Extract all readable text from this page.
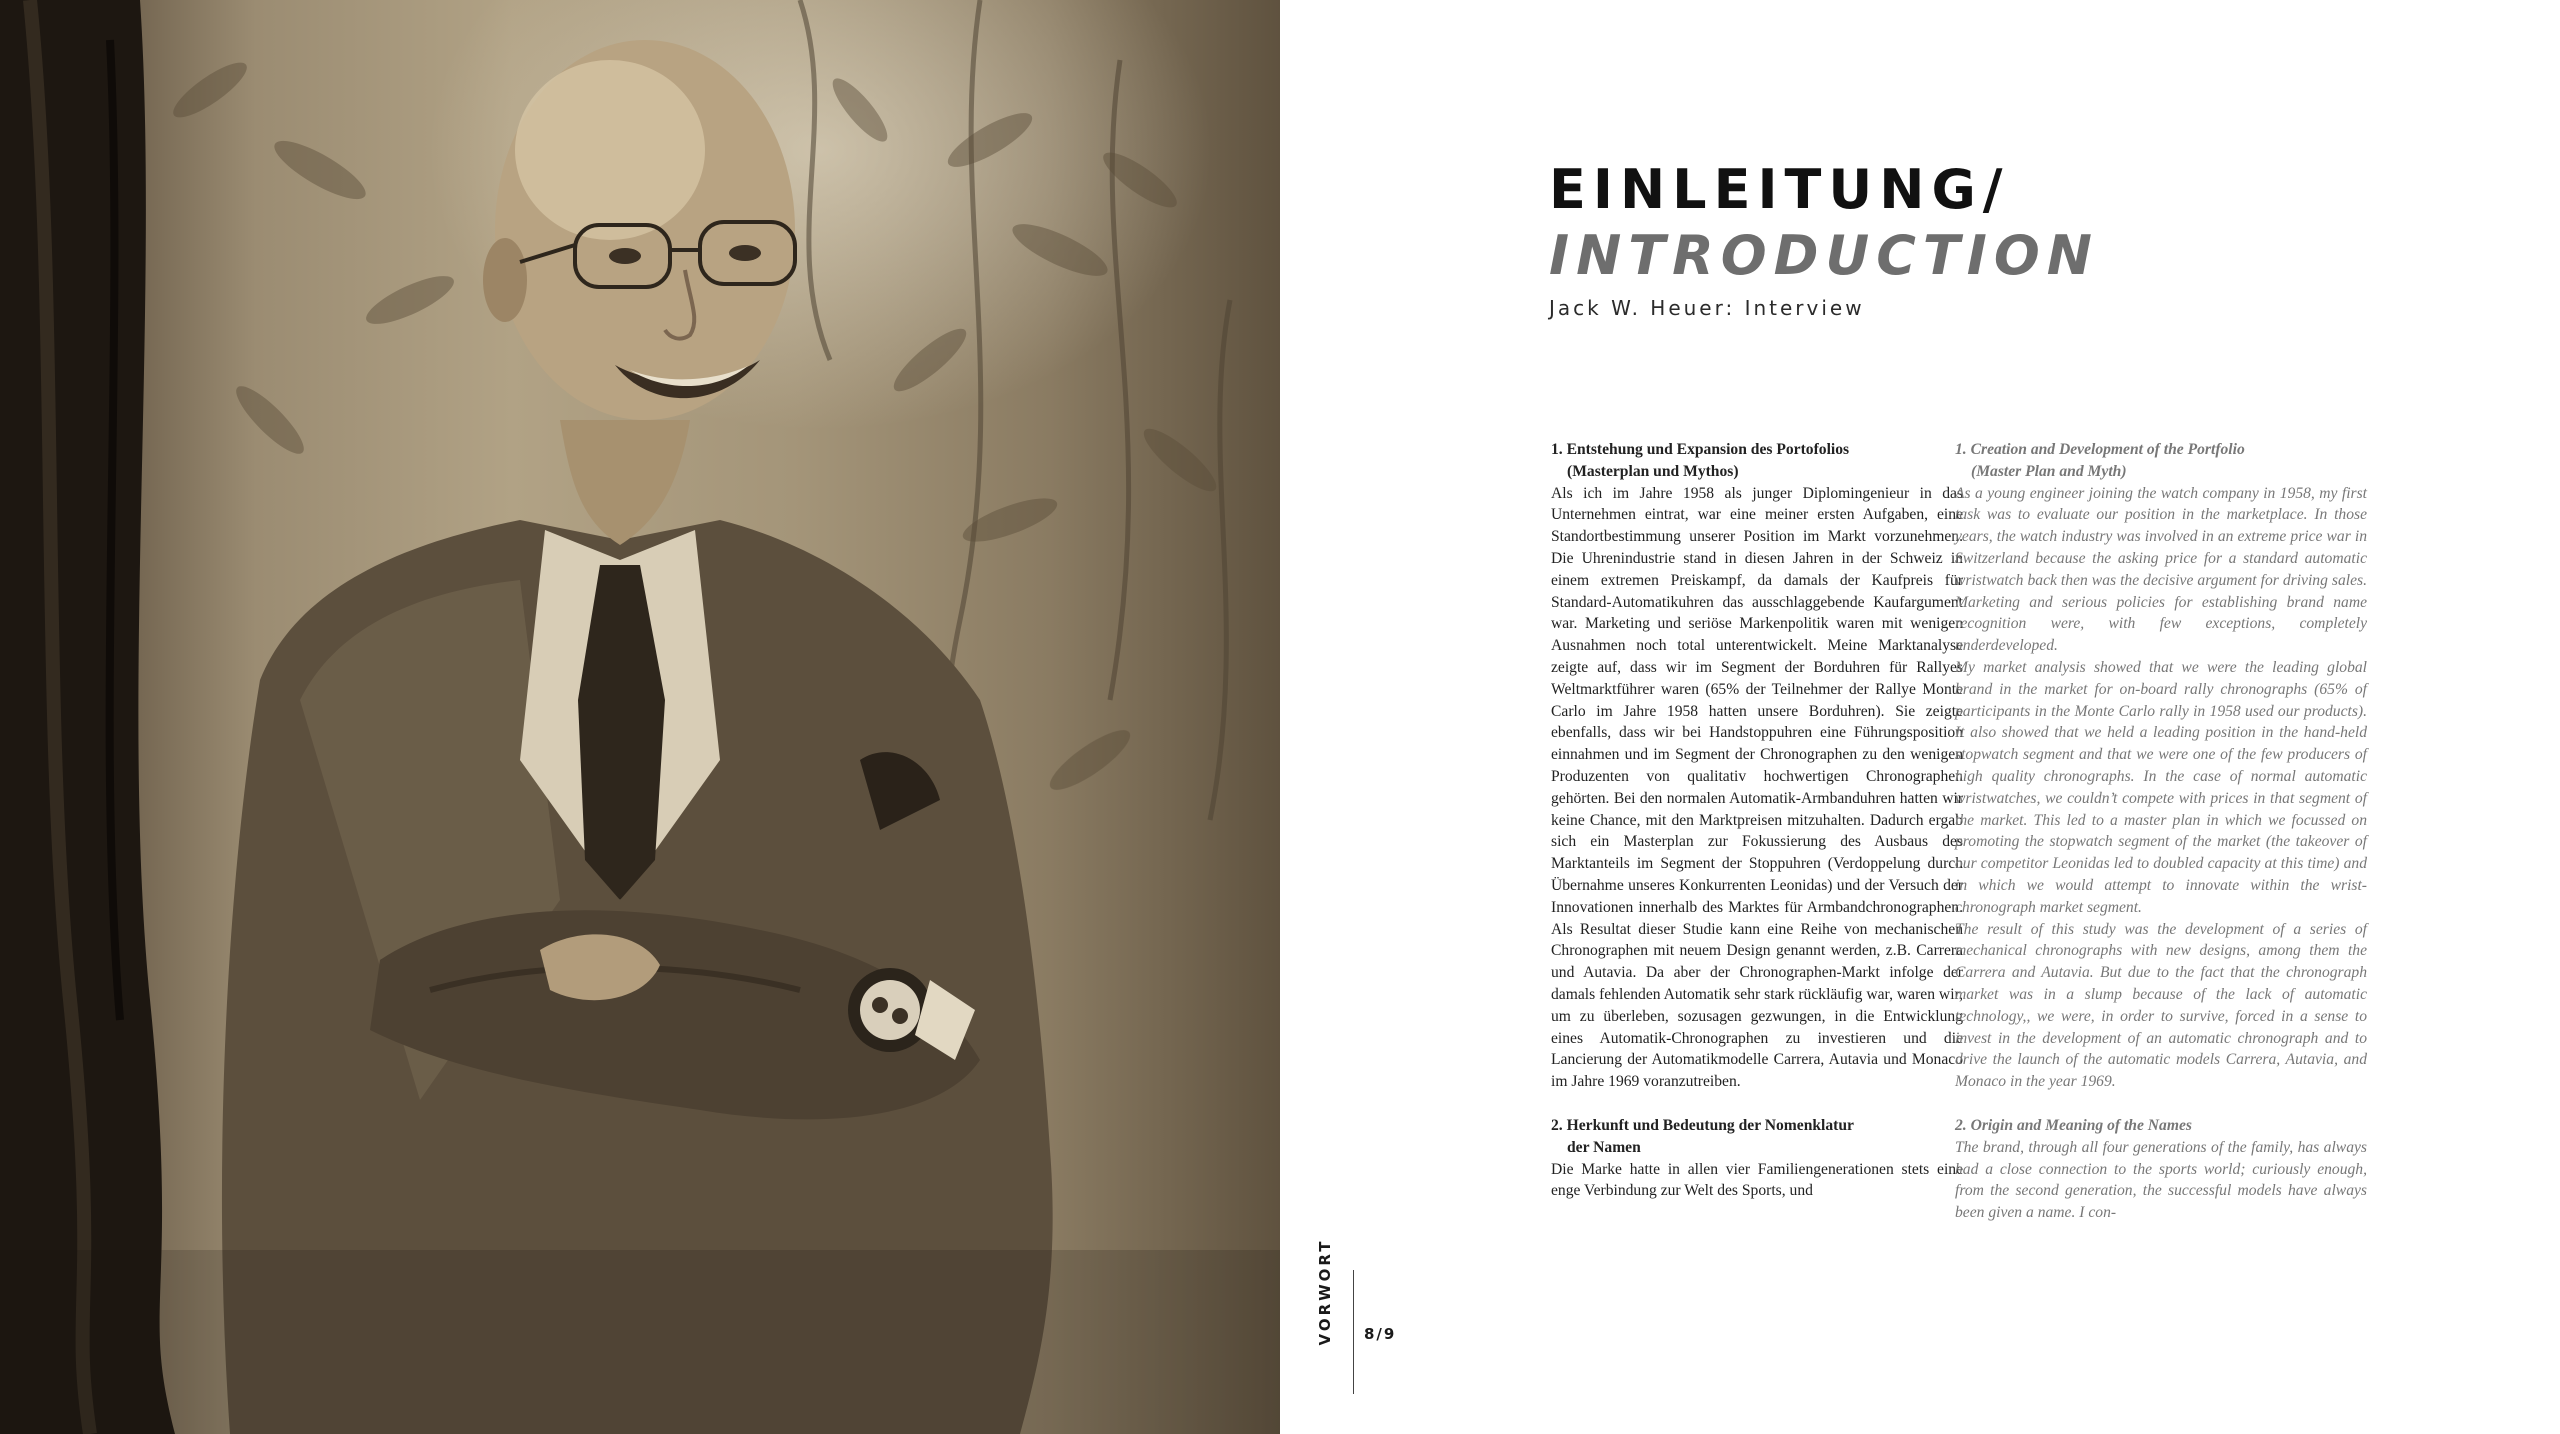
EINLEITUNG/
INTRODUCTION

Jack W. Heuer: Interview

1. Entstehung und Expansion des Portofolios
(Masterplan und Mythos)

Als ich im Jahre 1958 als junger Diplomingenieur in das Unternehmen eintrat, war eine meiner ersten Aufgaben, eine Standortbestimmung unserer Position im Markt vorzunehmen. Die Uhrenindustrie stand in diesen Jahren in der Schweiz in einem extremen Preiskampf, da damals der Kaufpreis für Standard-Automatikuhren das ausschlaggebende Kaufargument war. Marketing und seriöse Markenpolitik waren mit wenigen Ausnahmen noch total unterentwickelt. Meine Marktanalyse zeigte auf, dass wir im Segment der Borduhren für Rallyes Weltmarktführer waren (65% der Teilnehmer der Rallye Monte Carlo im Jahre 1958 hatten unsere Borduhren). Sie zeigte ebenfalls, dass wir bei Handstoppuhren eine Führungsposition einnahmen und im Segment der Chronographen zu den wenigen Produzenten von qualitativ hochwertigen Chronographen gehörten. Bei den normalen Automatik-Armbanduhren hatten wir keine Chance, mit den Marktpreisen mitzuhalten. Dadurch ergab sich ein Masterplan zur Fokussierung des Ausbaus des Marktanteils im Segment der Stoppuhren (Verdoppelung durch Übernahme unseres Konkurrenten Leonidas) und der Versuch der Innovationen innerhalb des Marktes für Armbandchronographen. Als Resultat dieser Studie kann eine Reihe von mechanischen Chronographen mit neuem Design genannt werden, z.B. Carrera und Autavia. Da aber der Chronographen-Markt infolge der damals fehlenden Automatik sehr stark rückläufig war, waren wir, um zu überleben, sozusagen gezwungen, in die Entwicklung eines Automatik-Chronographen zu investieren und die Lancierung der Automatikmodelle Carrera, Autavia und Monaco im Jahre 1969 voranzutreiben.

2. Herkunft und Bedeutung der Nomenklatur
der Namen

Die Marke hatte in allen vier Familiengenerationen stets eine enge Verbindung zur Welt des Sports, und

1. Creation and Development of the Portfolio
(Master Plan and Myth)

As a young engineer joining the watch company in 1958, my first task was to evaluate our position in the marketplace. In those years, the watch industry was involved in an extreme price war in Switzerland because the asking price for a standard automatic wristwatch back then was the decisive argument for driving sales. Marketing and serious policies for establishing brand name recognition were, with few exceptions, completely underdeveloped.

My market analysis showed that we were the leading global brand in the market for on-board rally chronographs (65% of participants in the Monte Carlo rally in 1958 used our products). It also showed that we held a leading position in the hand-held stopwatch segment and that we were one of the few producers of high quality chronographs. In the case of normal automatic wristwatches, we couldn’t compete with prices in that segment of the market. This led to a master plan in which we focussed on promoting the stopwatch segment of the market (the takeover of our competitor Leonidas led to doubled capacity at this time) and in which we would attempt to innovate within the wrist-chronograph market segment.

The result of this study was the development of a series of mechanical chronographs with new designs, among them the Carrera and Autavia. But due to the fact that the chronograph market was in a slump because of the lack of automatic technology,, we were, in order to survive, forced in a sense to invest in the development of an automatic chronograph and to drive the launch of the automatic models Carrera, Autavia, and Monaco in the year 1969.

2. Origin and Meaning of the Names

The brand, through all four generations of the family, has always had a close connection to the sports world; curiously enough, from the second generation, the successful models have always been given a name. I con-

VORWORT 8/9
